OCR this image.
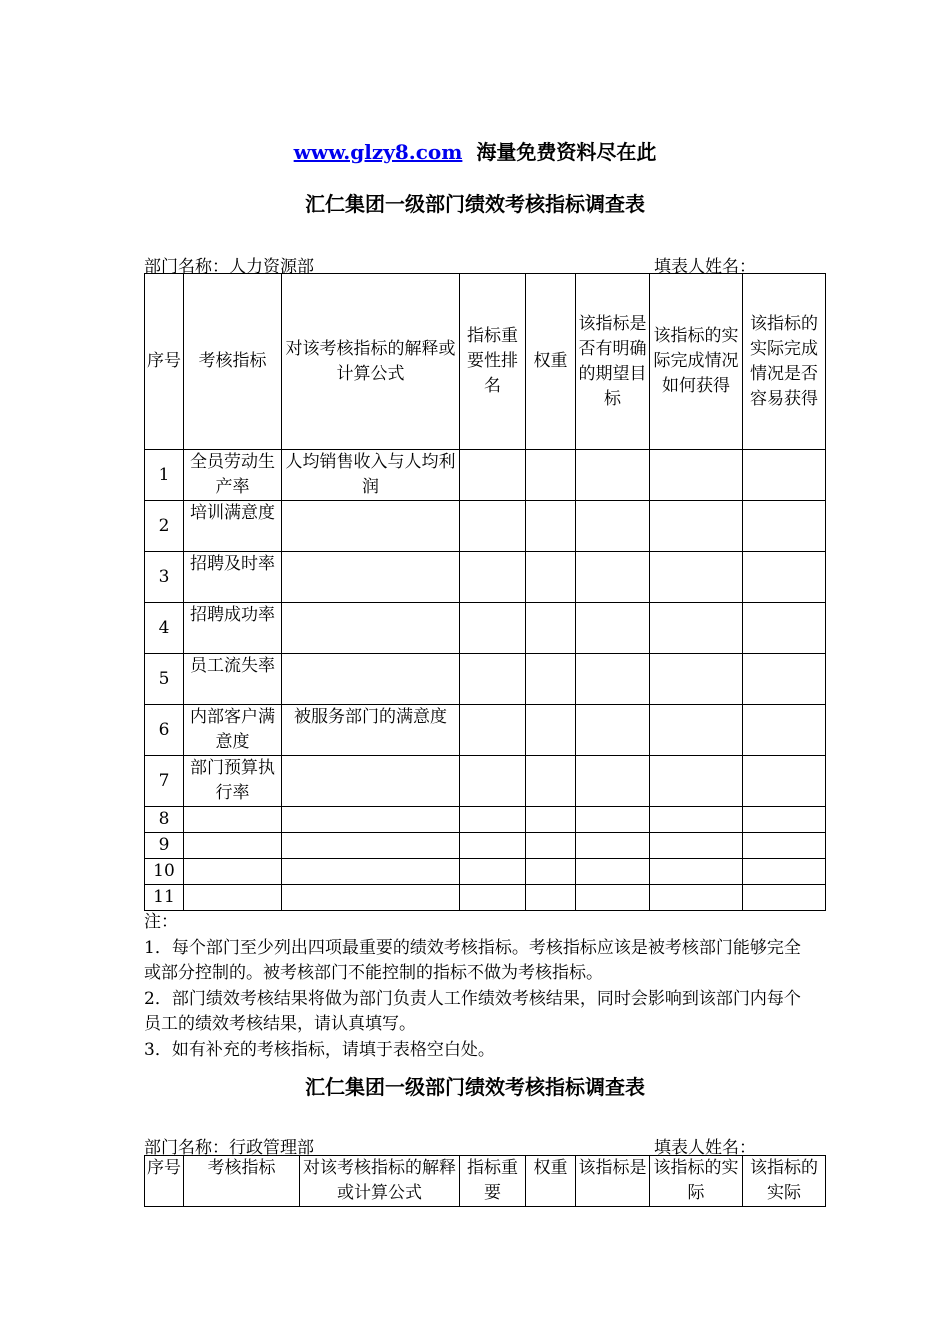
www.glzy8.com 海量免费资料尽在此
汇仁集团一级部门绩效考核指标调查表
部门名称：人力资源部	填表人姓名：
序号	考核指标	对该考核指标的解释或计算公式	指标重要性排名	权重	该指标是否有明确的期望目标	该指标的实际完成情况如何获得	该指标的实际完成情况是否容易获得
1	全员劳动生产率	人均销售收入与人均利润					
2	培训满意度						
3	招聘及时率						
4	招聘成功率						
5	员工流失率						
6	内部客户满意度	被服务部门的满意度					
7	部门预算执行率						
8							
9							
10							
11							
注：
1．每个部门至少列出四项最重要的绩效考核指标。考核指标应该是被考核部门能够完全或部分控制的。被考核部门不能控制的指标不做为考核指标。
2．部门绩效考核结果将做为部门负责人工作绩效考核结果，同时会影响到该部门内每个员工的绩效考核结果，请认真填写。
3．如有补充的考核指标，请填于表格空白处。
汇仁集团一级部门绩效考核指标调查表
部门名称：行政管理部	填表人姓名：
序号	考核指标	对该考核指标的解释或计算公式	指标重要	权重	该指标是	该指标的实际	该指标的实际
